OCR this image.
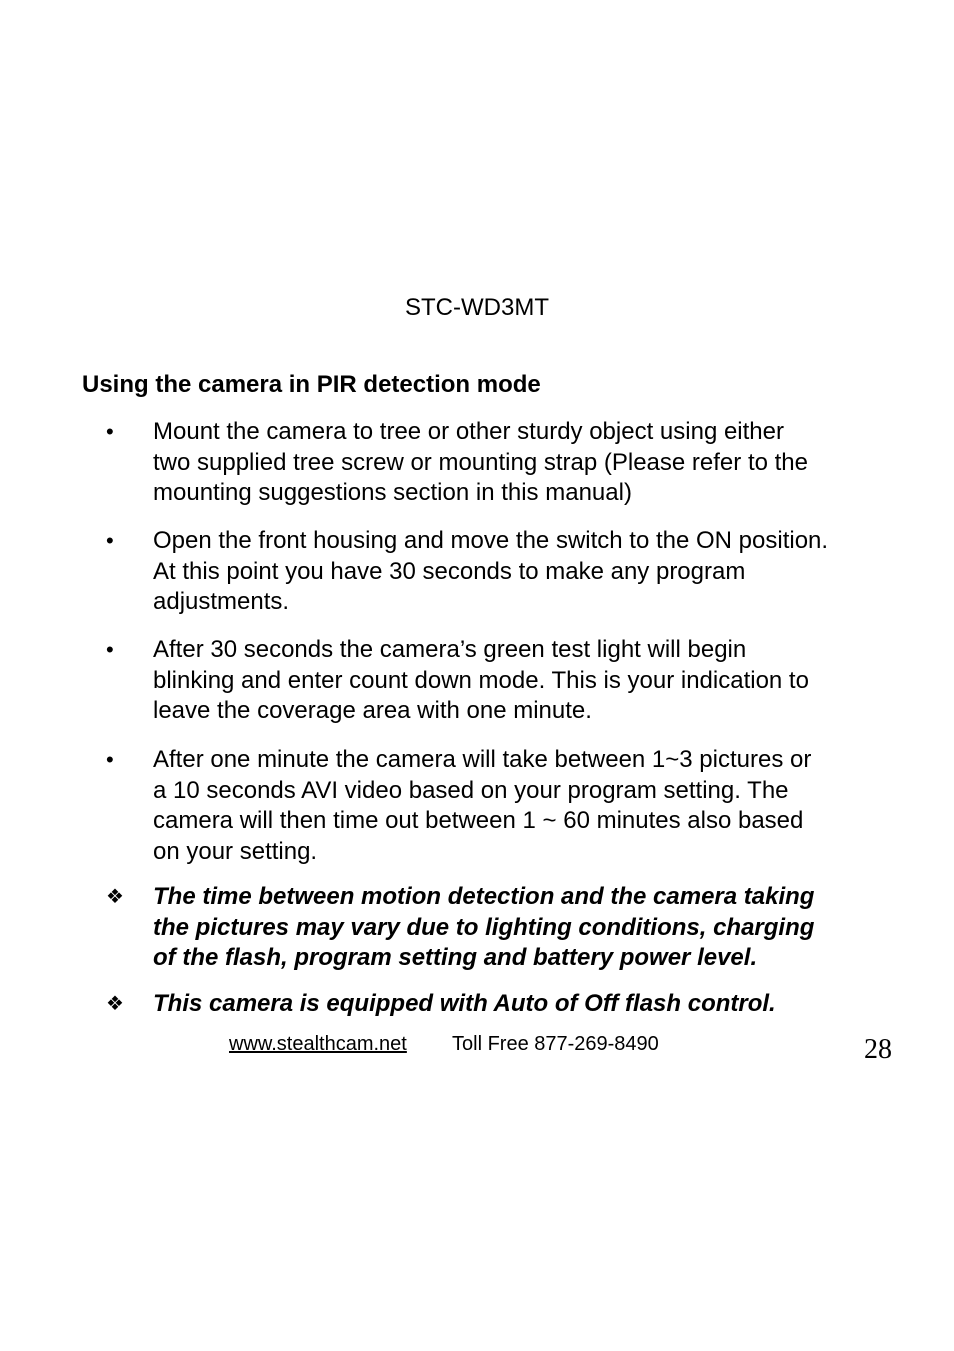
STC-WD3MT
Using the camera in PIR detection mode
•	Mount the camera to tree or other sturdy object using either
two supplied tree screw or mounting strap (Please refer to the
mounting suggestions section in this manual)
•	Open the front housing and move the switch to the ON position.
At this point you have 30 seconds to make any program
adjustments.
•	After 30 seconds the camera’s green test light will begin
blinking and enter count down mode. This is your indication to
leave the coverage area with one minute.
•	After one minute the camera will take between 1~3 pictures or
a 10 seconds AVI video based on your program setting. The
camera will then time out between 1 ~ 60 minutes also based
on your setting.
❖	The time between motion detection and the camera taking
the pictures may vary due to lighting conditions, charging
of the flash, program setting and battery power level.
❖	This camera is equipped with Auto of Off flash control.
www.stealthcam.net Toll Free 877-269-8490	28
